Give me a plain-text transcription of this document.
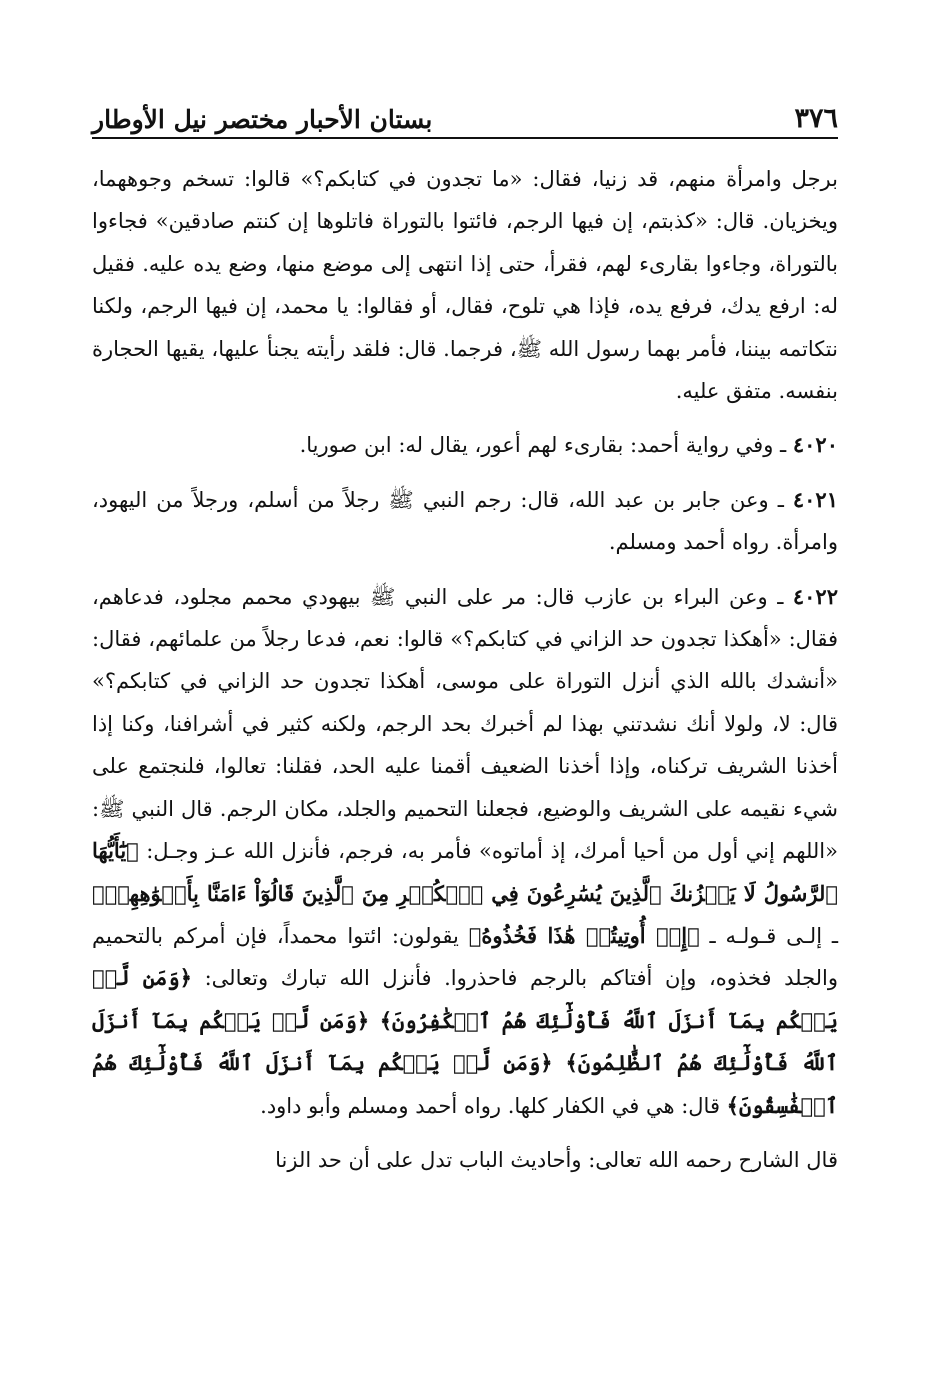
٣٧٦
بستان الأحبار مختصر نيل الأوطار

برجل وامرأة منهم، قد زنيا، فقال: «ما تجدون في كتابكم؟» قالوا: تسخم وجوههما، ويخزيان. قال: «كذبتم، إن فيها الرجم، فائتوا بالتوراة فاتلوها إن كنتم صادقين» فجاءوا بالتوراة، وجاءوا بقارىء لهم، فقرأ، حتى إذا انتهى إلى موضع منها، وضع يده عليه. فقيل له: ارفع يدك، فرفع يده، فإذا هي تلوح، فقال، أو فقالوا: يا محمد، إن فيها الرجم، ولكنا نتكاتمه بيننا، فأمر بهما رسول الله ﷺ، فرجما. قال: فلقد رأيته يجنأ عليها، يقيها الحجارة بنفسه. متفق عليه.

٤٠٢٠ ـ وفي رواية أحمد: بقارىء لهم أعور، يقال له: ابن صوريا.

٤٠٢١ ـ وعن جابر بن عبد الله، قال: رجم النبي ﷺ رجلاً من أسلم، ورجلاً من اليهود، وامرأة. رواه أحمد ومسلم.

٤٠٢٢ ـ وعن البراء بن عازب قال: مر على النبي ﷺ بيهودي محمم مجلود، فدعاهم، فقال: «أهكذا تجدون حد الزاني في كتابكم؟» قالوا: نعم، فدعا رجلاً من علمائهم، فقال: «أنشدك بالله الذي أنزل التوراة على موسى، أهكذا تجدون حد الزاني في كتابكم؟» قال: لا، ولولا أنك نشدتني بهذا لم أخبرك بحد الرجم، ولكنه كثير في أشرافنا، وكنا إذا أخذنا الشريف تركناه، وإذا أخذنا الضعيف أقمنا عليه الحد، فقلنا: تعالوا، فلنجتمع على شيء نقيمه على الشريف والوضيع، فجعلنا التحميم والجلد، مكان الرجم. قال النبي ﷺ: «اللهم إني أول من أحيا أمرك، إذ أماتوه» فأمر به، فرجم، فأنزل الله عـز وجـل: ﴿يَٰٓأَيُّهَا ٱلرَّسُولُ لَا يَحۡزُنكَ ٱلَّذِينَ يُسَٰرِعُونَ فِي ٱلۡكُفۡرِ مِنَ ٱلَّذِينَ قَالُوٓاْ ءَامَنَّا بِأَفۡوَٰهِهِمۡ﴾ ـ إلـى قـولـه ـ ﴿إِنۡ أُوتِيتُمۡ هَٰذَا فَخُذُوهُ﴾ يقولون: ائتوا محمداً، فإن أمركم بالتحميم والجلد فخذوه، وإن أفتاكم بالرجم فاحذروا. فأنزل الله تبارك وتعالى: ﴿وَمَن لَّمۡ يَحۡكُم بِمَآ أَنزَلَ ٱللَّهُ فَأُوْلَٰٓئِكَ هُمُ ٱلۡكَٰفِرُونَ﴾ ﴿وَمَن لَّمۡ يَحۡكُم بِمَآ أَنزَلَ ٱللَّهُ فَأُوْلَٰٓئِكَ هُمُ ٱلظَّٰلِمُونَ﴾ ﴿وَمَن لَّمۡ يَحۡكُم بِمَآ أَنزَلَ ٱللَّهُ فَأُوْلَٰٓئِكَ هُمُ ٱلۡفَٰسِقُونَ﴾ قال: هي في الكفار كلها. رواه أحمد ومسلم وأبو داود.

قال الشارح رحمه الله تعالى: وأحاديث الباب تدل على أن حد الزنا
